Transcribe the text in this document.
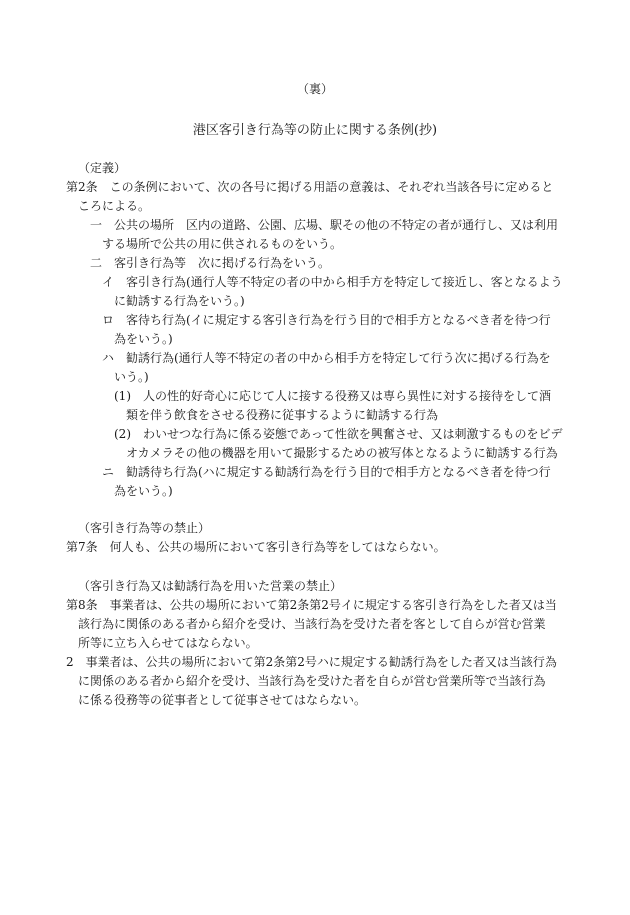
（裏）
港区客引き行為等の防止に関する条例(抄)
（定義）
第2条　この条例において、次の各号に掲げる用語の意義は、それぞれ当該各号に定めると
ころによる。
一　公共の場所　区内の道路、公園、広場、駅その他の不特定の者が通行し、又は利用
する場所で公共の用に供されるものをいう。
二　客引き行為等　次に掲げる行為をいう。
イ　客引き行為(通行人等不特定の者の中から相手方を特定して接近し、客となるよう
に勧誘する行為をいう。)
ロ　客待ち行為(イに規定する客引き行為を行う目的で相手方となるべき者を待つ行
為をいう。)
ハ　勧誘行為(通行人等不特定の者の中から相手方を特定して行う次に掲げる行為を
いう。)
(1)　人の性的好奇心に応じて人に接する役務又は専ら異性に対する接待をして酒
類を伴う飲食をさせる役務に従事するように勧誘する行為
(2)　わいせつな行為に係る姿態であって性欲を興奮させ、又は刺激するものをビデ
オカメラその他の機器を用いて撮影するための被写体となるように勧誘する行為
ニ　勧誘待ち行為(ハに規定する勧誘行為を行う目的で相手方となるべき者を待つ行
為をいう。)
（客引き行為等の禁止）
第7条　何人も、公共の場所において客引き行為等をしてはならない。
（客引き行為又は勧誘行為を用いた営業の禁止）
第8条　事業者は、公共の場所において第2条第2号イに規定する客引き行為をした者又は当
該行為に関係のある者から紹介を受け、当該行為を受けた者を客として自らが営む営業
所等に立ち入らせてはならない。
2　事業者は、公共の場所において第2条第2号ハに規定する勧誘行為をした者又は当該行為
に関係のある者から紹介を受け、当該行為を受けた者を自らが営む営業所等で当該行為
に係る役務等の従事者として従事させてはならない。
